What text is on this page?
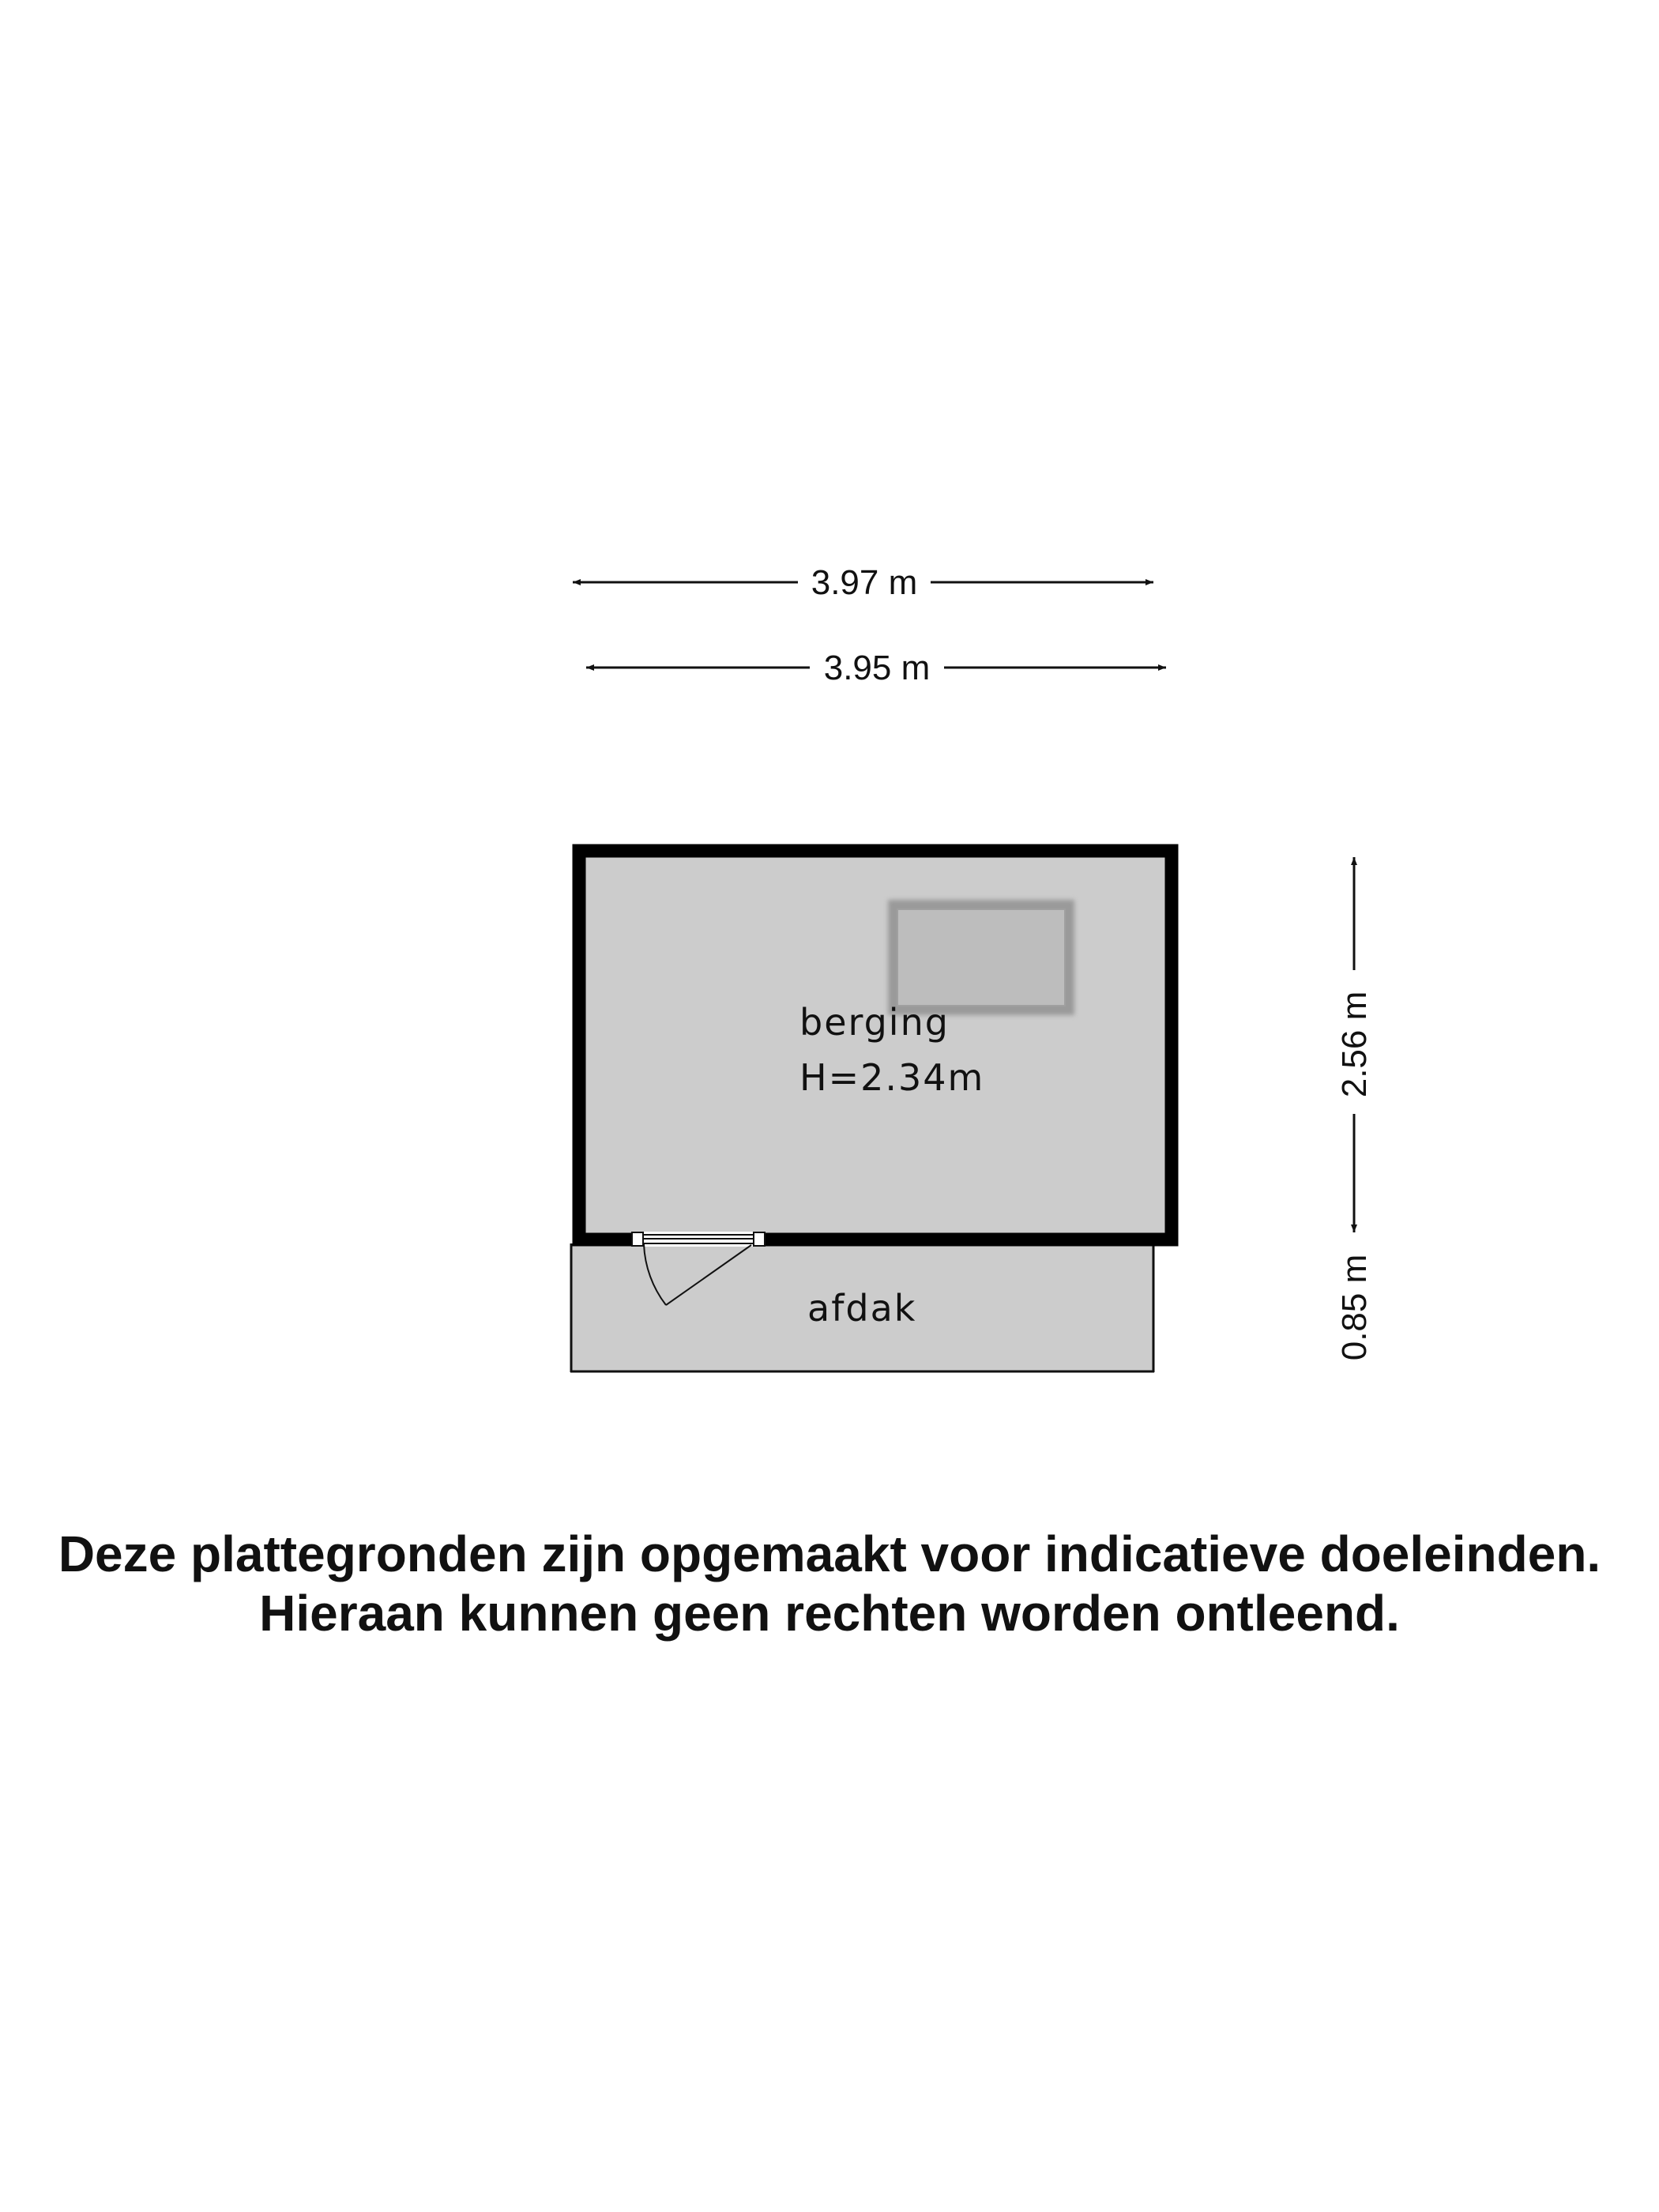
3.97 m
3.95 m
berging
H=2.34m
afdak
2.56 m
0.85 m
Deze plattegronden zijn opgemaakt voor indicatieve doeleinden.
Hieraan kunnen geen rechten worden ontleend.
